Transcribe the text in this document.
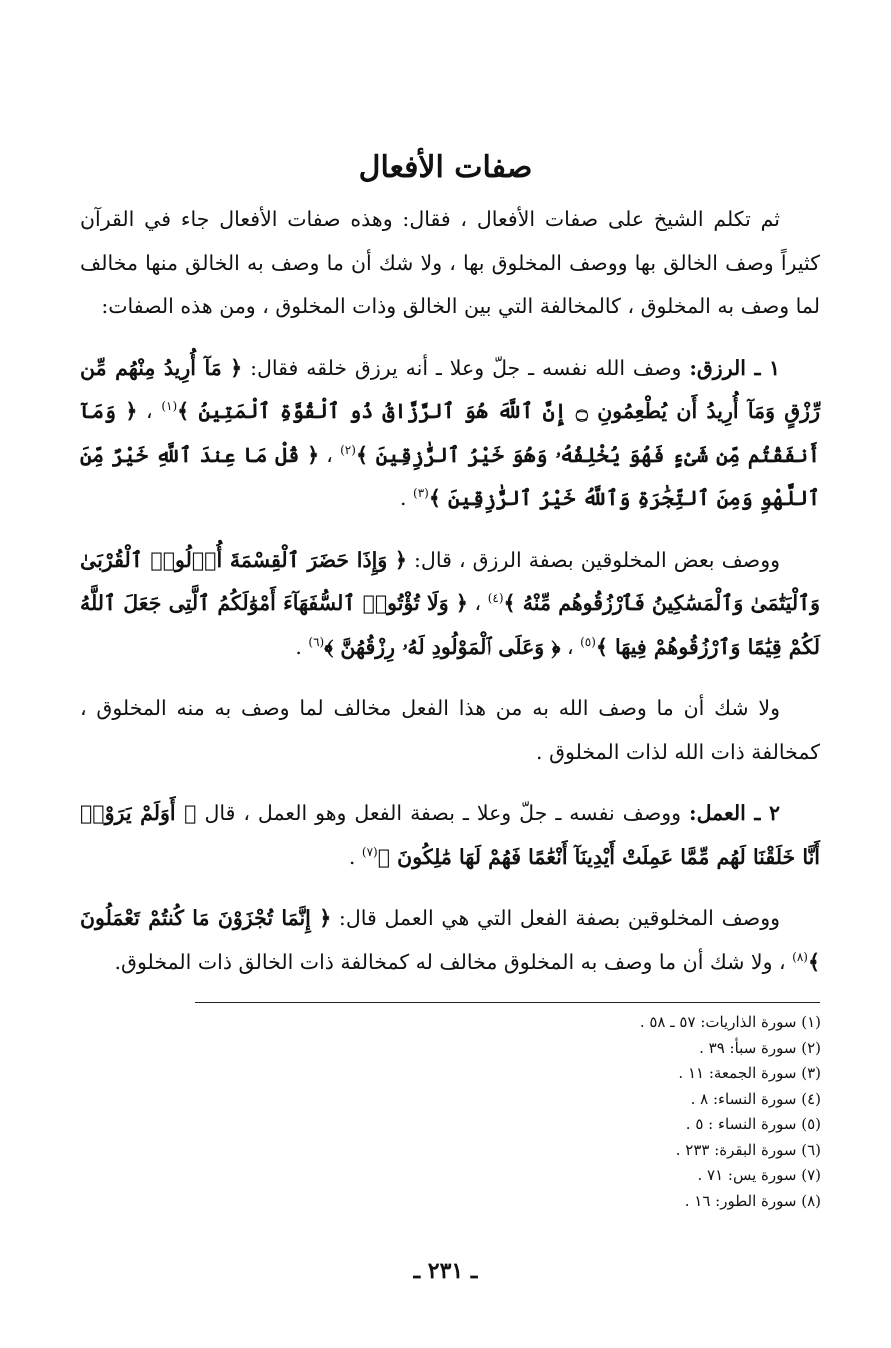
صفات الأفعال

ثم تكلم الشيخ على صفات الأفعال ، فقال: وهذه صفات الأفعال جاء في القرآن كثيراً وصف الخالق بها ووصف المخلوق بها ، ولا شك أن ما وصف به الخالق منها مخالف لما وصف به المخلوق ، كالمخالفة التي بين الخالق وذات المخلوق ، ومن هذه الصفات:

١ ـ الرزق: وصف الله نفسه ـ جلّ وعلا ـ أنه يرزق خلقه فقال: ﴿ مَآ أُرِيدُ مِنْهُم مِّن رِّزْقٍ وَمَآ أُرِيدُ أَن يُطْعِمُونِ ۝ إِنَّ ٱللَّهَ هُوَ ٱلرَّزَّاقُ ذُو ٱلْقُوَّةِ ٱلْمَتِينُ ﴾$^{(١)}$ ، ﴿ وَمَآ أَنفَقْتُم مِّن شَىْءٍ فَهُوَ يُخْلِفُهُۥ وَهُوَ خَيْرُ ٱلرَّٰزِقِينَ ﴾$^{(٢)}$ ، ﴿ قُلْ مَا عِندَ ٱللَّهِ خَيْرٌ مِّنَ ٱللَّهْوِ وَمِنَ ٱلتِّجَٰرَةِ وَٱللَّهُ خَيْرُ ٱلرَّٰزِقِينَ ﴾$^{(٣)}$ .

ووصف بعض المخلوقين بصفة الرزق ، قال: ﴿ وَإِذَا حَضَرَ ٱلْقِسْمَةَ أُو۟لُوا۟ ٱلْقُرْبَىٰ وَٱلْيَتَٰمَىٰ وَٱلْمَسَٰكِينُ فَٱرْزُقُوهُم مِّنْهُ ﴾$^{(٤)}$ ، ﴿ وَلَا تُؤْتُوا۟ ٱلسُّفَهَآءَ أَمْوَٰلَكُمُ ٱلَّتِى جَعَلَ ٱللَّهُ لَكُمْ قِيَٰمًا وَٱرْزُقُوهُمْ فِيهَا ﴾$^{(٥)}$ ، ﴿ وَعَلَى ٱلْمَوْلُودِ لَهُۥ رِزْقُهُنَّ ﴾$^{(٦)}$ .

ولا شك أن ما وصف الله به من هذا الفعل مخالف لما وصف به منه المخلوق ، كمخالفة ذات الله لذات المخلوق .

٢ ـ العمل: ووصف نفسه ـ جلّ وعلا ـ بصفة الفعل وهو العمل ، قال ﴿ أَوَلَمْ يَرَوْا۟ أَنَّا خَلَقْنَا لَهُم مِّمَّا عَمِلَتْ أَيْدِينَآ أَنْعَٰمًا فَهُمْ لَهَا مَٰلِكُونَ ﴾$^{(٧)}$ .

ووصف المخلوقين بصفة الفعل التي هي العمل قال: ﴿ إِنَّمَا تُجْزَوْنَ مَا كُنتُمْ تَعْمَلُونَ ﴾$^{(٨)}$ ، ولا شك أن ما وصف به المخلوق مخالف له كمخالفة ذات الخالق ذات المخلوق.

(١) سورة الذاريات: ٥٧ ـ ٥٨ .
(٢) سورة سبأ: ٣٩ .
(٣) سورة الجمعة: ١١ .
(٤) سورة النساء: ٨ .
(٥) سورة النساء : ٥ .
(٦) سورة البقرة: ٢٣٣ .
(٧) سورة يس: ٧١ .
(٨) سورة الطور: ١٦ .
ـ ٢٣١ ـ
